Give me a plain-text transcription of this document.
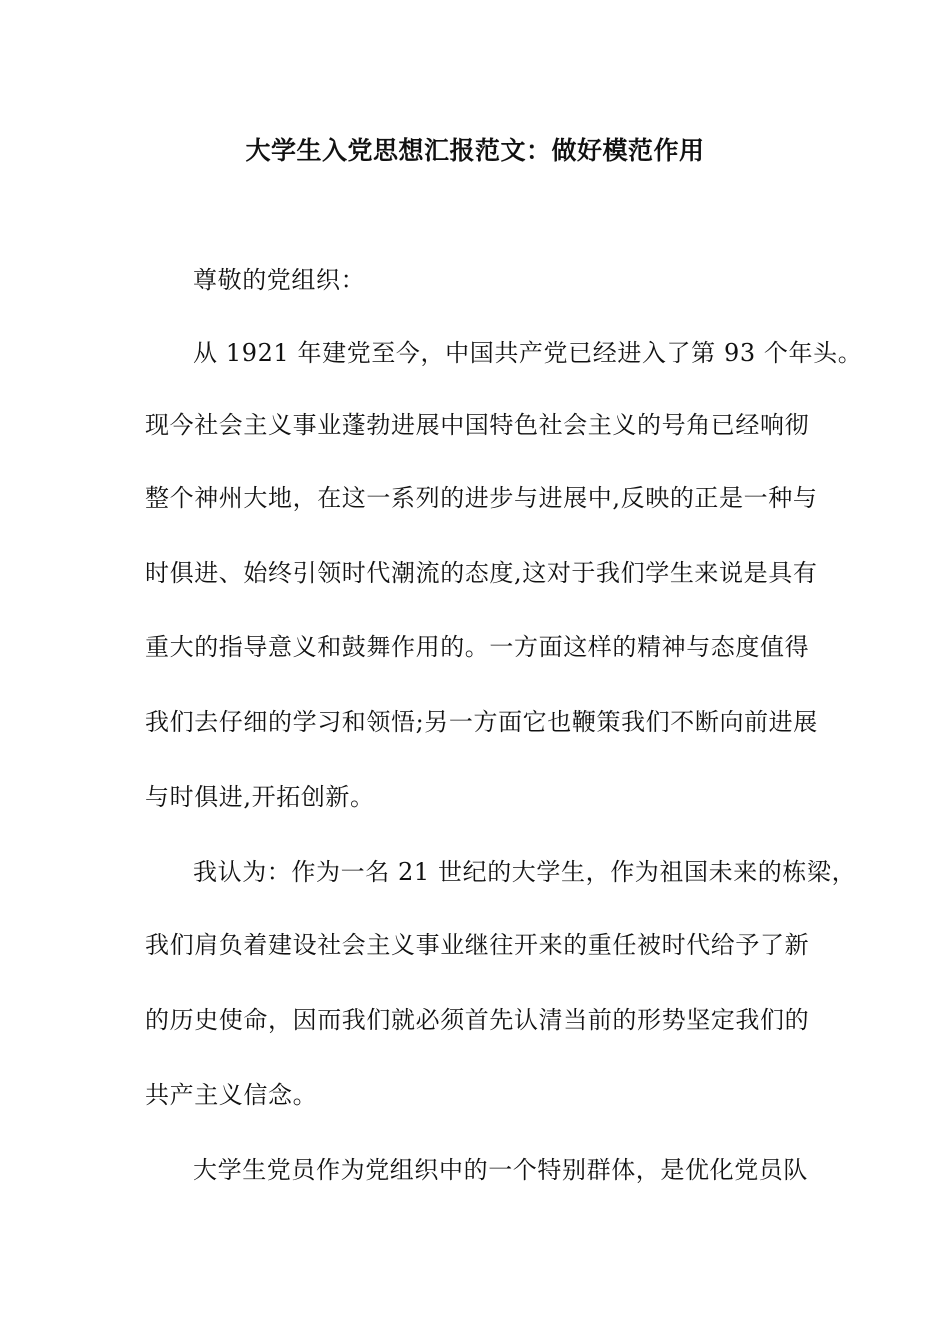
大学生入党思想汇报范文：做好模范作用
尊敬的党组织：
从 1921 年建党至今，中国共产党已经进入了第 93 个年头。
现今社会主义事业蓬勃进展中国特色社会主义的号角已经响彻
整个神州大地，在这一系列的进步与进展中,反映的正是一种与
时俱进、始终引领时代潮流的态度,这对于我们学生来说是具有
重大的指导意义和鼓舞作用的。一方面这样的精神与态度值得
我们去仔细的学习和领悟;另一方面它也鞭策我们不断向前进展
与时俱进,开拓创新。
我认为：作为一名 21 世纪的大学生，作为祖国未来的栋梁，
我们肩负着建设社会主义事业继往开来的重任被时代给予了新
的历史使命，因而我们就必须首先认清当前的形势坚定我们的
共产主义信念。
大学生党员作为党组织中的一个特别群体，是优化党员队
